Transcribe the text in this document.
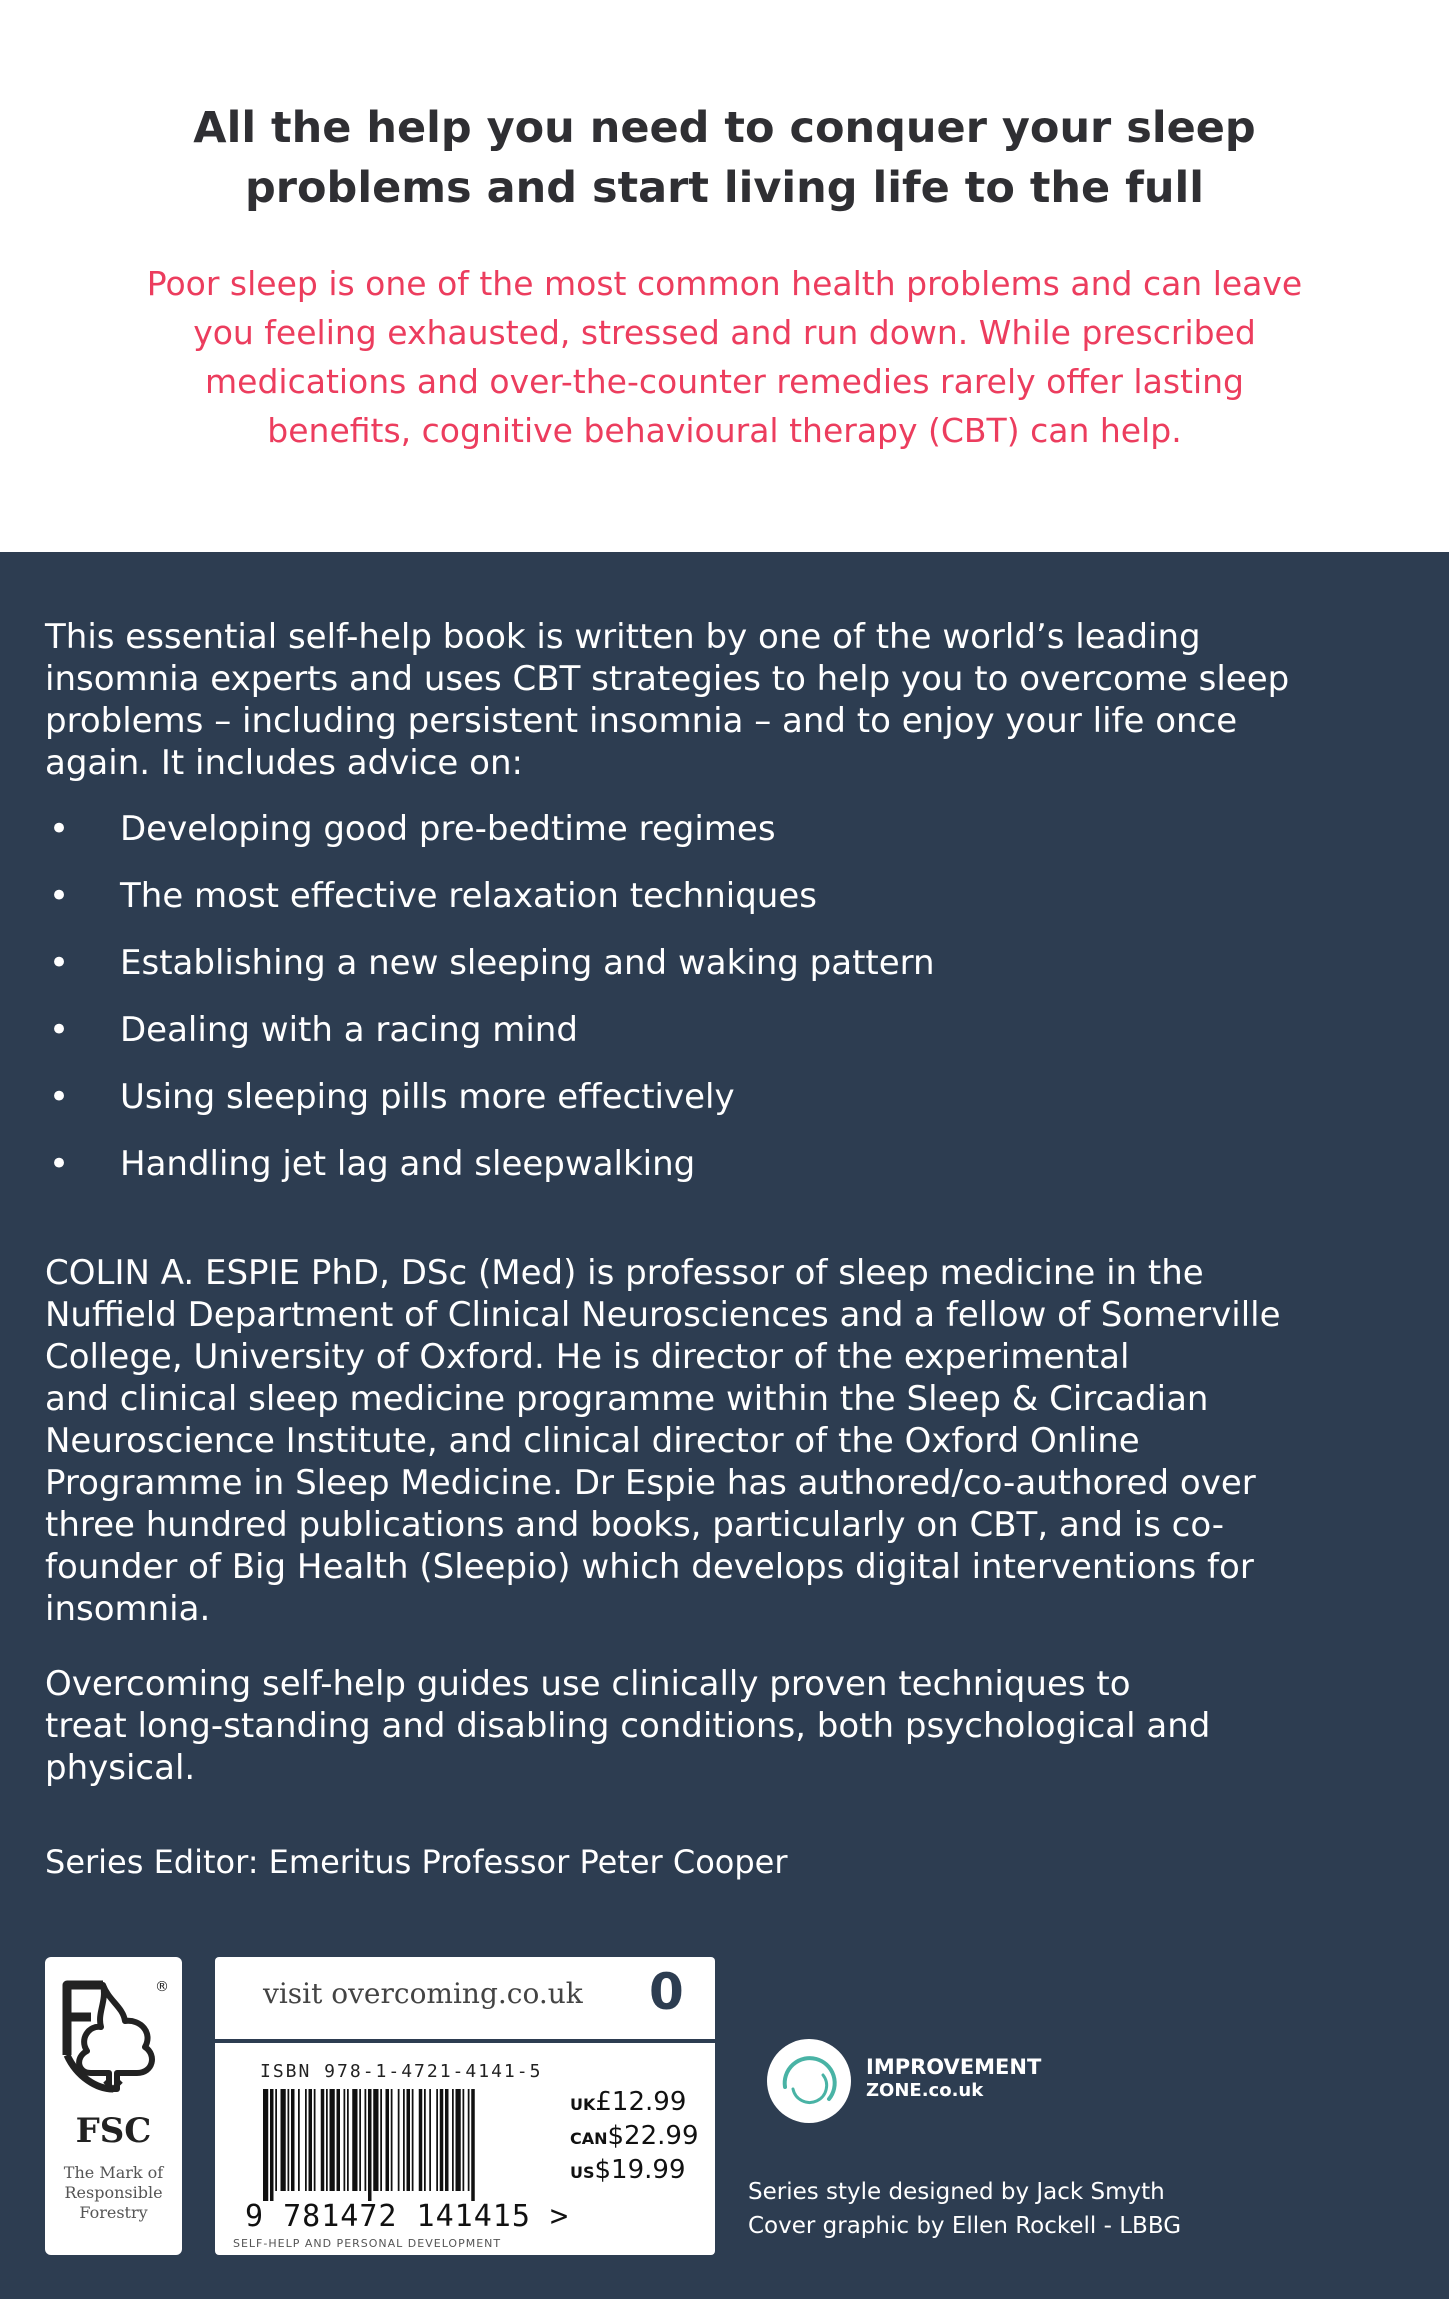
All the help you need to conquer your sleep
problems and start living life to the full
Poor sleep is one of the most common health problems and can leave
you feeling exhausted, stressed and run down. While prescribed
medications and over-the-counter remedies rarely offer lasting
benefits, cognitive behavioural therapy (CBT) can help.
This essential self-help book is written by one of the world’s leading
insomnia experts and uses CBT strategies to help you to overcome sleep
problems – including persistent insomnia – and to enjoy your life once
again. It includes advice on:
• Developing good pre-bedtime regimes
• The most effective relaxation techniques
• Establishing a new sleeping and waking pattern
• Dealing with a racing mind
• Using sleeping pills more effectively
• Handling jet lag and sleepwalking
COLIN A. ESPIE PhD, DSc (Med) is professor of sleep medicine in the
Nuffield Department of Clinical Neurosciences and a fellow of Somerville
College, University of Oxford. He is director of the experimental
and clinical sleep medicine programme within the Sleep & Circadian
Neuroscience Institute, and clinical director of the Oxford Online
Programme in Sleep Medicine. Dr Espie has authored/co-authored over
three hundred publications and books, particularly on CBT, and is co-
founder of Big Health (Sleepio) which develops digital interventions for
insomnia.
Overcoming self-help guides use clinically proven techniques to
treat long-standing and disabling conditions, both psychological and
physical.
Series Editor: Emeritus Professor Peter Cooper
®
FSC
The Mark of
Responsible
Forestry
visit overcoming.co.uk 0
ISBN 978-1-4721-4141-5
9 781472 141415 >
SELF-HELP AND PERSONAL DEVELOPMENT
UK£12.99
CAN$22.99
US$19.99
IMPROVEMENT
ZONE.co.uk
Series style designed by Jack Smyth
Cover graphic by Ellen Rockell - LBBG
